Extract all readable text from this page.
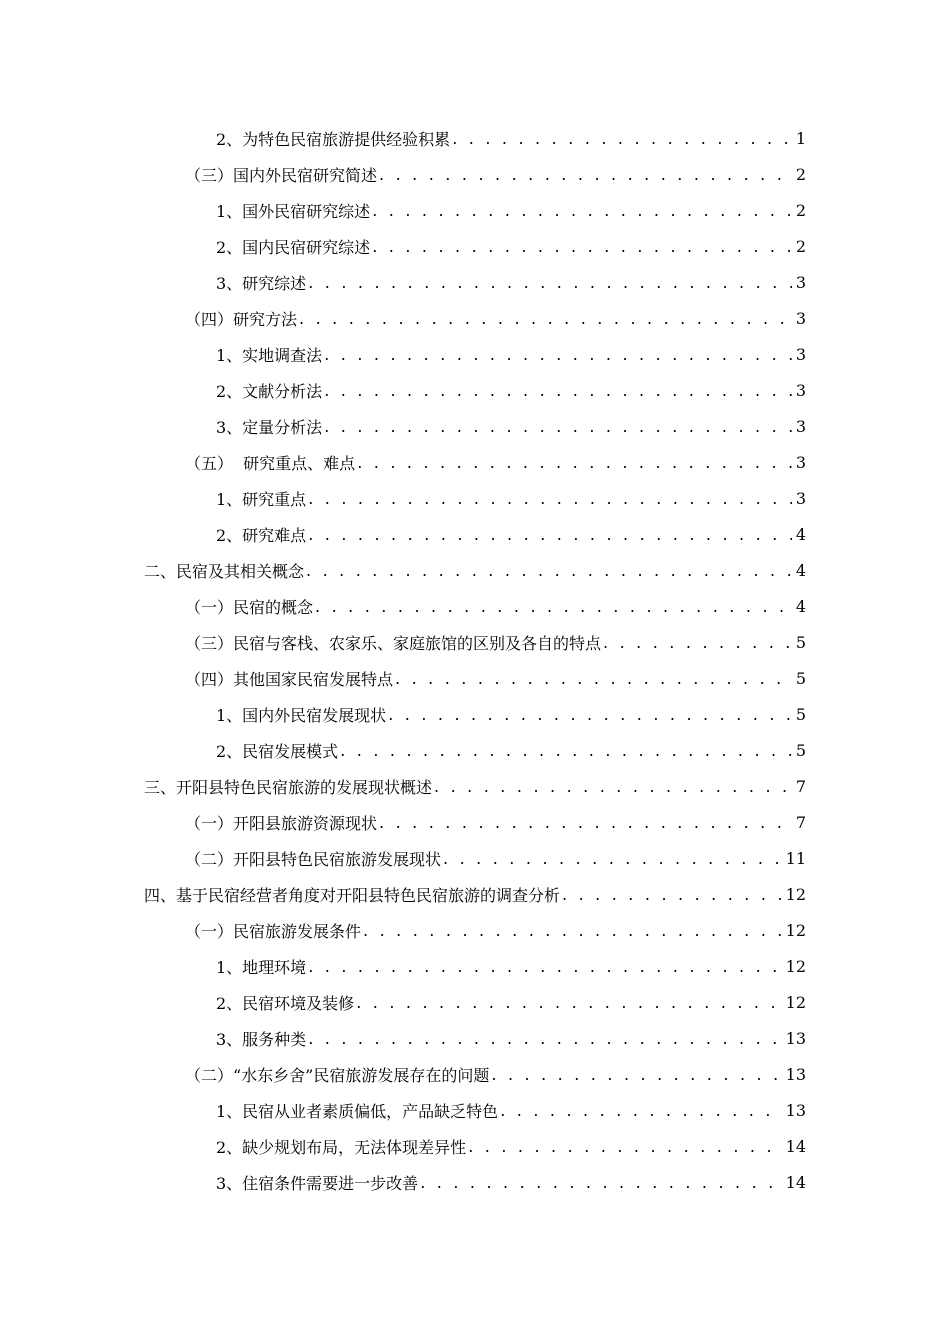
2、为特色民宿旅游提供经验积累 . . .	1
（三）国内外民宿研究简述 . . .	2
1、国外民宿研究综述 . . .	2
2、国内民宿研究综述 . . .	2
3、研究综述 . . .	3
（四）研究方法 . . .	3
1、实地调查法 . . .	3
2、文献分析法 . . .	3
3、定量分析法 . . .	3
（五）  研究重点、难点 . . .	3
1、研究重点 . . .	3
2、研究难点 . . .	4
二、民宿及其相关概念 . . .	4
（一）民宿的概念 . . .	4
（三）民宿与客栈、农家乐、家庭旅馆的区别及各自的特点 . . .	5
（四）其他国家民宿发展特点 . . .	5
1、国内外民宿发展现状 . . .	5
2、民宿发展模式 . . .	5
三、开阳县特色民宿旅游的发展现状概述 . . .	7
（一）开阳县旅游资源现状 . . .	7
（二）开阳县特色民宿旅游发展现状 . . .	11
四、基于民宿经营者角度对开阳县特色民宿旅游的调查分析 . . .	12
（一）民宿旅游发展条件 . . .	12
1、地理环境 . . .	12
2、民宿环境及装修 . . .	12
3、服务种类 . . .	13
（二）“水东乡舍”民宿旅游发展存在的问题 . . .	13
1、民宿从业者素质偏低，产品缺乏特色 . . .	13
2、缺少规划布局，无法体现差异性 . . .	14
3、住宿条件需要进一步改善 . . .	14
